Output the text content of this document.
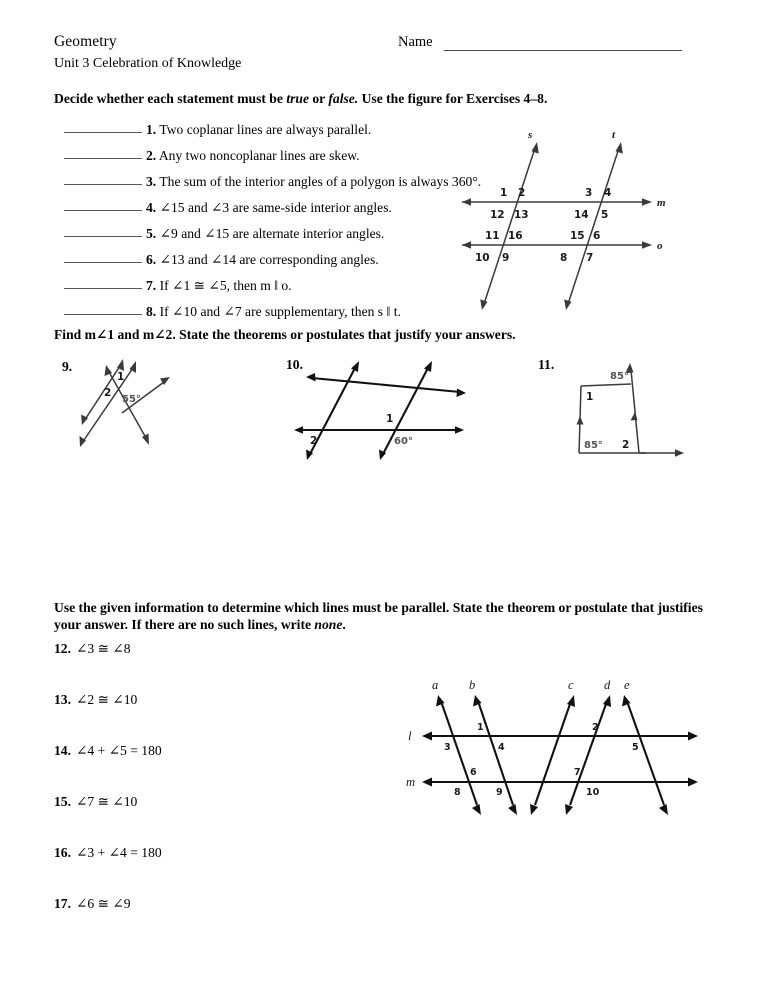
Geometry
Unit 3 Celebration of Knowledge
Name
Decide whether each statement must be true or false. Use the figure for Exercises 4–8.
1. Two coplanar lines are always parallel.
2. Any two noncoplanar lines are skew.
3. The sum of the interior angles of a polygon is always 360°.
4. ∠15 and ∠3 are same-side interior angles.
5. ∠9 and ∠15 are alternate interior angles.
6. ∠13 and ∠14 are corresponding angles.
7. If ∠1 ≅ ∠5, then m ‖ o.
8. If ∠10 and ∠7 are supplementary, then s ‖ t.
m
o
s	t
1 2
12 13
3 4
14 5
11 16
10 9
15 6
8 7
Find m∠1 and m∠2. State the theorems or postulates that justify your answers.
9.
1
2
55°
10.
1
2	60°
11.
85°
1
85° 2
Use the given information to determine which lines must be parallel. State the theorem or postulate that justifies your answer. If there are no such lines, write none.
12. ∠3 ≅ ∠8
13. ∠2 ≅ ∠10
14. ∠4 + ∠5 = 180
15. ∠7 ≅ ∠10
16. ∠3 + ∠4 = 180
17. ∠6 ≅ ∠9
l
m
a b	c d e
1	2
3	4	5
6	7
8	9	10
